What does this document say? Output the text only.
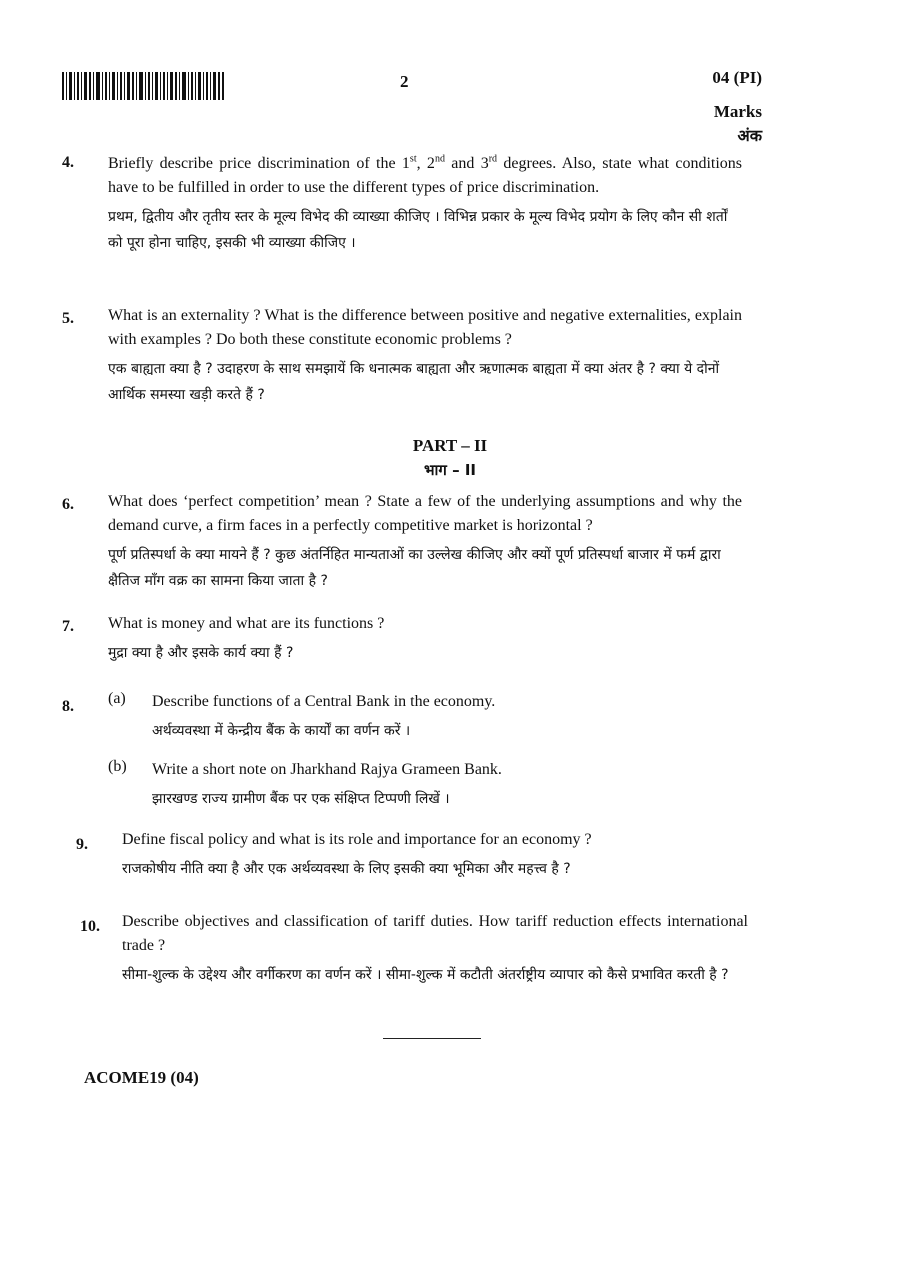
2	04 (PI)
Marks
अंक
4. Briefly describe price discrimination of the 1st, 2nd and 3rd degrees. Also, state what conditions have to be fulfilled in order to use the different types of price discrimination.
प्रथम, द्वितीय और तृतीय स्तर के मूल्य विभेद की व्याख्या कीजिए । विभिन्न प्रकार के मूल्य विभेद प्रयोग के लिए कौन सी शर्तों को पूरा होना चाहिए, इसकी भी व्याख्या कीजिए ।
5. What is an externality ? What is the difference between positive and negative externalities, explain with examples ? Do both these constitute economic problems ?
एक बाह्यता क्या है ? उदाहरण के साथ समझायें कि धनात्मक बाह्यता और ऋणात्मक बाह्यता में क्या अंतर है ? क्या ये दोनों आर्थिक समस्या खड़ी करते हैं ?
PART – II
भाग – II
6. What does ‘perfect competition’ mean ? State a few of the underlying assumptions and why the demand curve, a firm faces in a perfectly competitive market is horizontal ?
पूर्ण प्रतिस्पर्धा के क्या मायने हैं ? कुछ अंतर्निहित मान्यताओं का उल्लेख कीजिए और क्यों पूर्ण प्रतिस्पर्धा बाजार में फर्म द्वारा क्षैतिज माँग वक्र का सामना किया जाता है ?
7. What is money and what are its functions ?
मुद्रा क्या है और इसके कार्य क्या हैं ?
8. (a) Describe functions of a Central Bank in the economy.
अर्थव्यवस्था में केन्द्रीय बैंक के कार्यों का वर्णन करें ।
(b) Write a short note on Jharkhand Rajya Grameen Bank.
झारखण्ड राज्य ग्रामीण बैंक पर एक संक्षिप्त टिप्पणी लिखें ।
9. Define fiscal policy and what is its role and importance for an economy ?
राजकोषीय नीति क्या है और एक अर्थव्यवस्था के लिए इसकी क्या भूमिका और महत्त्व है ?
10. Describe objectives and classification of tariff duties. How tariff reduction effects international trade ?
सीमा-शुल्क के उद्देश्य और वर्गीकरण का वर्णन करें । सीमा-शुल्क में कटौती अंतर्राष्ट्रीय व्यापार को कैसे प्रभावित करती है ?
ACOME19 (04)
